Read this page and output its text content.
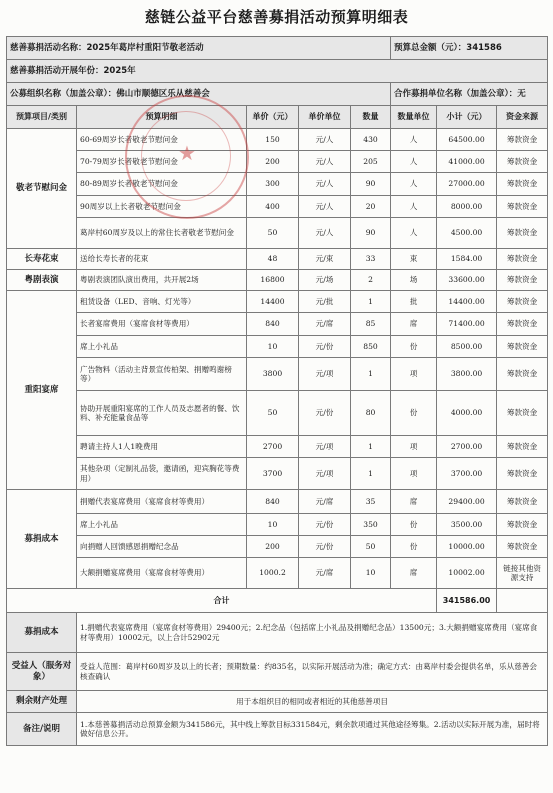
慈链公益平台慈善募捐活动预算明细表
慈善募捐活动名称：2025年葛岸村重阳节敬老活动					预算总金额（元）：341586		
慈善募捐活动开展年份：2025年							
公募组织名称（加盖公章）：佛山市顺德区乐从慈善会					合作募捐单位名称（加盖公章）：无		
预算项目/类别	预算明细	单价（元）	单价单位	数量	数量单位	小计（元）	资金来源
敬老节慰问金	60-69周岁长者敬老节慰问金	150	元/人	430	人	64500.00	筹款资金
	70-79周岁长者敬老节慰问金	200	元/人	205	人	41000.00	筹款资金
	80-89周岁长者敬老节慰问金	300	元/人	90	人	27000.00	筹款资金
	90周岁以上长者敬老节慰问金	400	元/人	20	人	8000.00	筹款资金
	葛岸村60周岁及以上的常住长者敬老节慰问金	50	元/人	90	人	4500.00	筹款资金
长寿花束	送给长寿长者的花束	48	元/束	33	束	1584.00	筹款资金
粤剧表演	粤剧表演团队演出费用，共开展2场	16800	元/场	2	场	33600.00	筹款资金
重阳宴席	租赁设备（LED、音响、灯光等）	14400	元/批	1	批	14400.00	筹款资金
	长者宴席费用（宴席食材等费用）	840	元/席	85	席	71400.00	筹款资金
	席上小礼品	10	元/份	850	份	8500.00	筹款资金
	广告物料（活动主背景宣传柏架、捐赠鸣谢榜等）	3800	元/项	1	项	3800.00	筹款资金
	协助开展重阳宴席的工作人员及志愿者的餐、饮料、补充能量食品等	50	元/份	80	份	4000.00	筹款资金
	聘请主持人1人1晚费用	2700	元/项	1	项	2700.00	筹款资金
	其他杂项（定制礼品袋，邀请函，迎宾胸花等费用）	3700	元/项	1	项	3700.00	筹款资金
募捐成本	捐赠代表宴席费用（宴席食材等费用）	840	元/席	35	席	29400.00	筹款资金
	席上小礼品	10	元/份	350	份	3500.00	筹款资金
	向捐赠人回馈感恩捐赠纪念品	200	元/份	50	份	10000.00	筹款资金
	大额捐赠宴席费用（宴席食材等费用）	1000.2	元/席	10	席	10002.00	链接其他资源支持
合计						341586.00	
募捐成本	1.捐赠代表宴席费用（宴席食材等费用）29400元；2.纪念品（包括席上小礼品及捐赠纪念品）13500元；3.大额捐赠宴席费用（宴席食材等费用）10002元，以上合计52902元						
受益人（服务对象）	受益人范围：葛岸村60周岁及以上的长者；预期数量：约835名，以实际开展活动为准；确定方式：由葛岸村委会提供名单，乐从慈善会核查确认						
剩余财产处理	用于本组织目的相同或者相近的其他慈善项目						
备注/说明	1.本慈善募捐活动总预算金额为341586元，其中线上筹款目标331584元，剩余款项通过其他途径筹集。2.活动以实际开展为准，届时将做好信息公开。						
★
